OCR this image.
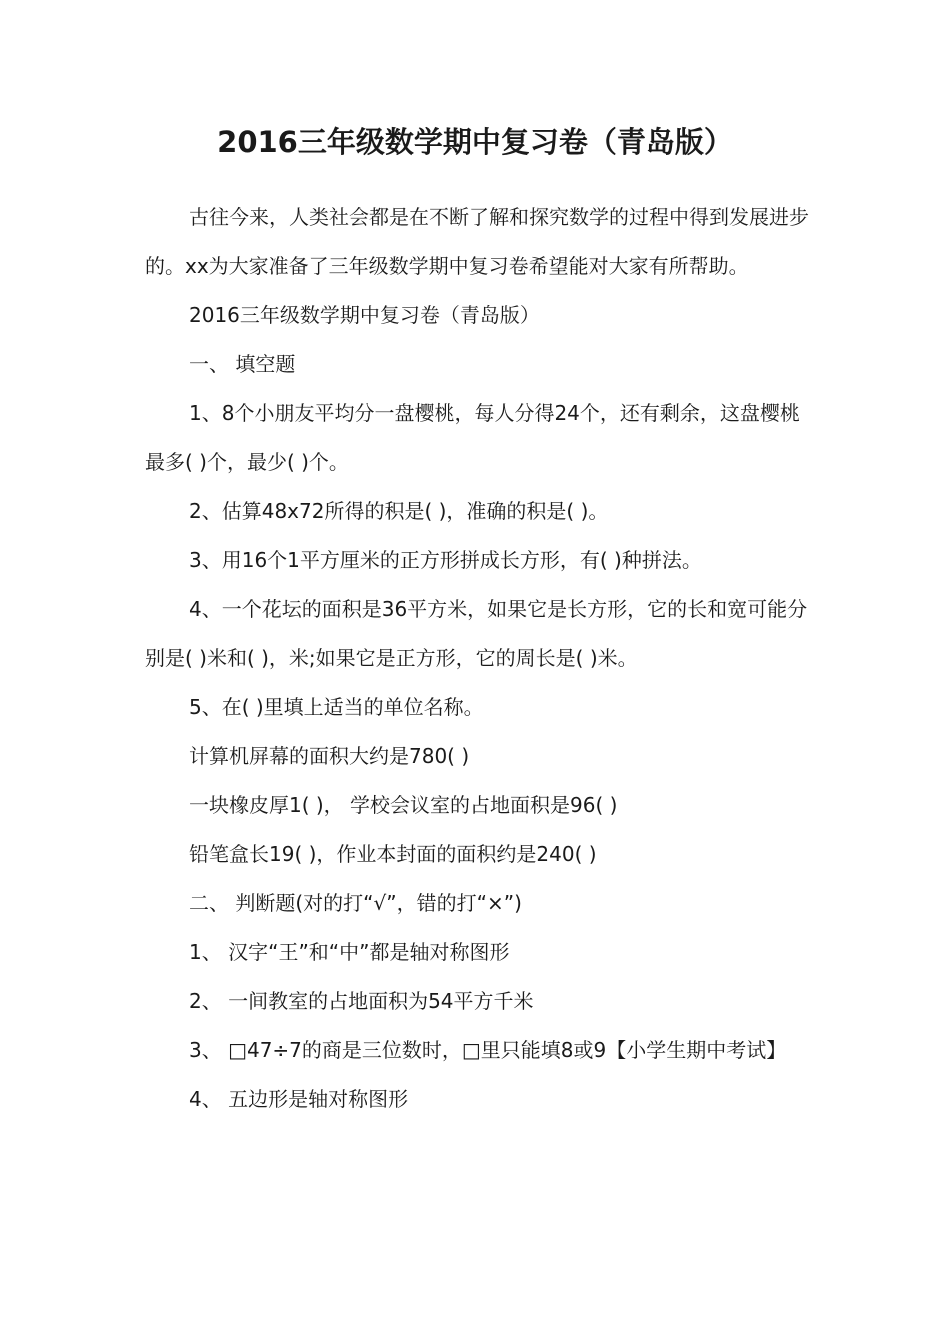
2016三年级数学期中复习卷（青岛版）

古往今来，人类社会都是在不断了解和探究数学的过程中得到发展进步的。xx为大家准备了三年级数学期中复习卷希望能对大家有所帮助。

2016三年级数学期中复习卷（青岛版）

一、 填空题

1、8个小朋友平均分一盘樱桃，每人分得24个，还有剩余，这盘樱桃最多( )个，最少( )个。

2、估算48x72所得的积是( )，准确的积是( )。

3、用16个1平方厘米的正方形拼成长方形，有( )种拼法。

4、一个花坛的面积是36平方米，如果它是长方形，它的长和宽可能分别是( )米和( )，米;如果它是正方形，它的周长是( )米。

5、在( )里填上适当的单位名称。

计算机屏幕的面积大约是780( )

一块橡皮厚1( )， 学校会议室的占地面积是96( )

铅笔盒长19( )，作业本封面的面积约是240( )

二、 判断题(对的打“√”，错的打“×”)

1、 汉字“王”和“中”都是轴对称图形

2、 一间教室的占地面积为54平方千米

3、 □47÷7的商是三位数时，□里只能填8或9【小学生期中考试】

4、 五边形是轴对称图形
